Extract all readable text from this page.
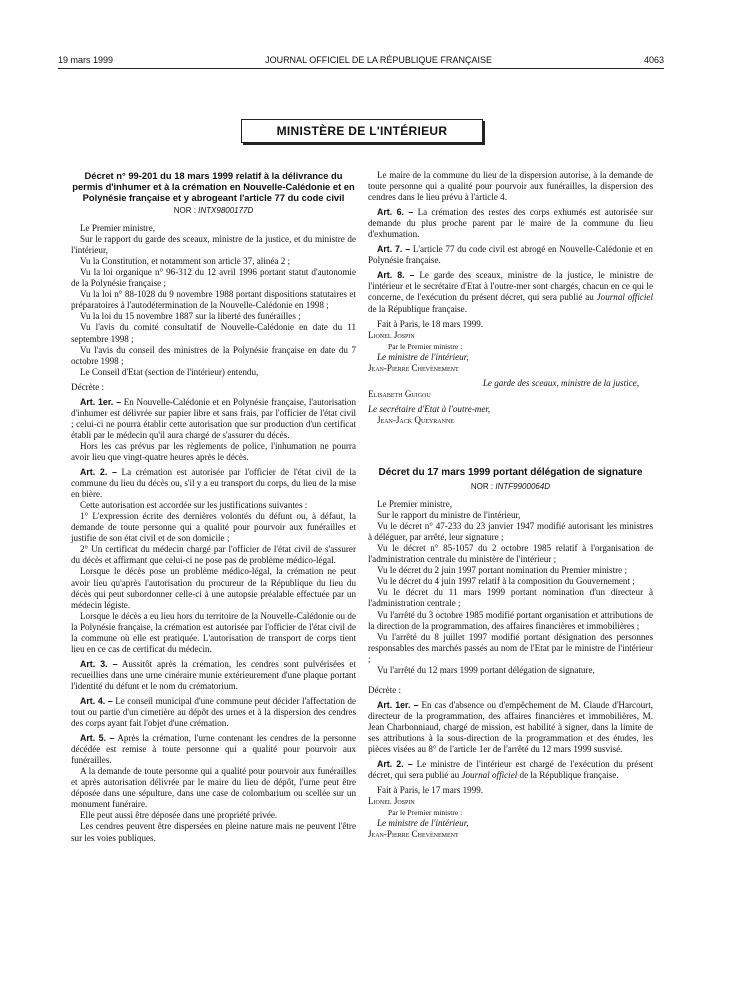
19 mars 1999	JOURNAL OFFICIEL DE LA RÉPUBLIQUE FRANÇAISE	4063
MINISTÈRE DE L'INTÉRIEUR
Décret n° 99-201 du 18 mars 1999 relatif à la délivrance du permis d'inhumer et à la crémation en Nouvelle-Calédonie et en Polynésie française et y abrogeant l'article 77 du code civil
NOR : INTX9800177D

Le Premier ministre,

Sur le rapport du garde des sceaux, ministre de la justice, et du ministre de l'intérieur,

Vu la Constitution, et notamment son article 37, alinéa 2 ;

Vu la loi organique n° 96-312 du 12 avril 1996 portant statut d'autonomie de la Polynésie française ;

Vu la loi n° 88-1028 du 9 novembre 1988 portant dispositions statutaires et préparatoires à l'autodétermination de la Nouvelle-Calédonie en 1998 ;

Vu la loi du 15 novembre 1887 sur la liberté des funérailles ;

Vu l'avis du comité consultatif de Nouvelle-Calédonie en date du 11 septembre 1998 ;

Vu l'avis du conseil des ministres de la Polynésie française en date du 7 octobre 1998 ;

Le Conseil d'Etat (section de l'intérieur) entendu,

Décrète :

Art. 1er. – En Nouvelle-Calédonie et en Polynésie française, l'autorisation d'inhumer est délivrée sur papier libre et sans frais, par l'officier de l'état civil ; celui-ci ne pourra établir cette autorisation que sur production d'un certificat établi par le médecin qu'il aura chargé de s'assurer du décès.

Hors les cas prévus par les règlements de police, l'inhumation ne pourra avoir lieu que vingt-quatre heures après le décès.

Art. 2. – La crémation est autorisée par l'officier de l'état civil de la commune du lieu du décès ou, s'il y a eu transport du corps, du lieu de la mise en bière.

Cette autorisation est accordée sur les justifications suivantes :

1° L'expression écrite des dernières volontés du défunt ou, à défaut, la demande de toute personne qui a qualité pour pourvoir aux funérailles et justifie de son état civil et de son domicile ;

2° Un certificat du médecin chargé par l'officier de l'état civil de s'assurer du décès et affirmant que celui-ci ne pose pas de problème médico-légal.

Lorsque le décès pose un problème médico-légal, la crémation ne peut avoir lieu qu'après l'autorisation du procureur de la République du lieu du décès qui peut subordonner celle-ci à une autopsie préalable effectuée par un médecin légiste.

Lorsque le décès a eu lieu hors du territoire de la Nouvelle-Calédonie ou de la Polynésie française, la crémation est autorisée par l'officier de l'état civil de la commune où elle est pratiquée. L'autorisation de transport de corps tient lieu en ce cas de certificat du médecin.

Art. 3. – Aussitôt après la crémation, les cendres sont pulvérisées et recueillies dans une urne cinéraire munie extérieurement d'une plaque portant l'identité du défunt et le nom du crématorium.

Art. 4. – Le conseil municipal d'une commune peut décider l'affectation de tout ou partie d'un cimetière au dépôt des urnes et à la dispersion des cendres des corps ayant fait l'objet d'une crémation.

Art. 5. – Après la crémation, l'urne contenant les cendres de la personne décédée est remise à toute personne qui a qualité pour pourvoir aux funérailles.

A la demande de toute personne qui a qualité pour pourvoir aux funérailles et après autorisation délivrée par le maire du lieu de dépôt, l'urne peut être déposée dans une sépulture, dans une case de colombarium ou scellée sur un monument funéraire.

Elle peut aussi être déposée dans une propriété privée.

Les cendres peuvent être dispersées en pleine nature mais ne peuvent l'être sur les voies publiques.

Le maire de la commune du lieu de la dispersion autorise, à la demande de toute personne qui a qualité pour pourvoir aux funérailles, la dispersion des cendres dans le lieu prévu à l'article 4.

Art. 6. – La crémation des restes des corps exhumés est autorisée sur demande du plus proche parent par le maire de la commune du lieu d'exhumation.

Art. 7. – L'article 77 du code civil est abrogé en Nouvelle-Calédonie et en Polynésie française.

Art. 8. – Le garde des sceaux, ministre de la justice, le ministre de l'intérieur et le secrétaire d'Etat à l'outre-mer sont chargés, chacun en ce qui le concerne, de l'exécution du présent décret, qui sera publié au Journal officiel de la République française.

Fait à Paris, le 18 mars 1999.

Lionel Jospin

Par le Premier ministre :

Le ministre de l'intérieur,

Jean-Pierre Chevènement

Le garde des sceaux, ministre de la justice,

Elisabeth Guigou

Le secrétaire d'Etat à l'outre-mer,

Jean-Jack Queyranne

Décret du 17 mars 1999 portant délégation de signature
NOR : INTF9900064D

Le Premier ministre,

Sur le rapport du ministre de l'intérieur,

Vu le décret n° 47-233 du 23 janvier 1947 modifié autorisant les ministres à déléguer, par arrêté, leur signature ;

Vu le décret n° 85-1057 du 2 octobre 1985 relatif à l'organisation de l'administration centrale du ministère de l'intérieur ;

Vu le décret du 2 juin 1997 portant nomination du Premier ministre ;

Vu le décret du 4 juin 1997 relatif à la composition du Gouvernement ;

Vu le décret du 11 mars 1999 portant nomination d'un directeur à l'administration centrale ;

Vu l'arrêté du 3 octobre 1985 modifié portant organisation et attributions de la direction de la programmation, des affaires financières et immobilières ;

Vu l'arrêté du 8 juillet 1997 modifié portant désignation des personnes responsables des marchés passés au nom de l'Etat par le ministre de l'intérieur ;

Vu l'arrêté du 12 mars 1999 portant délégation de signature,

Décrète :

Art. 1er. – En cas d'absence ou d'empêchement de M. Claude d'Harcourt, directeur de la programmation, des affaires financières et immobilières, M. Jean Charbonniaud, chargé de mission, est habilité à signer, dans la limite de ses attributions à la sous-direction de la programmation et des études, les pièces visées au 8° de l'article 1er de l'arrêté du 12 mars 1999 susvisé.

Art. 2. – Le ministre de l'intérieur est chargé de l'exécution du présent décret, qui sera publié au Journal officiel de la République française.

Fait à Paris, le 17 mars 1999.

Lionel Jospin

Par le Premier ministre :

Le ministre de l'intérieur,

Jean-Pierre Chevènement
